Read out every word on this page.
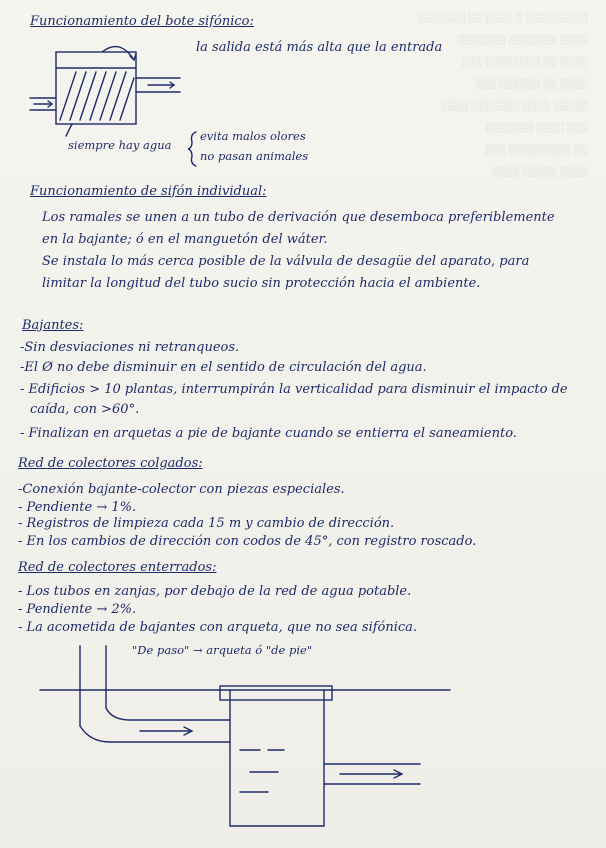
░░░░░░░ ░░ ░░░░ ░ ░░░░░░░░░
░░░░░░░ ░░░░░░░ ░░░░
░░░ ░░░░░░░░ ░░ ░░░░
░░░ ░░░░░░ ░░ ░░░░
░░░░ ░░░░░░░ ░░░░ ░░░░░
░░░░░░░ ░░░░ ░░░
░░░ ░░░░░░░░░ ░░
░░░░ ░░░░░ ░░░░
Funcionamiento del bote sifónico:
la salida está más alta que la entrada
siempre hay agua
evita malos olores
no pasan animales
Funcionamiento de sifón individual:
Los ramales se unen a un tubo de derivación que desemboca preferiblemente
en la bajante; ó en el manguetón del wáter.
Se instala lo más cerca posible de la válvula de desagüe del aparato, para
limitar la longitud del tubo sucio sin protección hacia el ambiente.
Bajantes:
-Sin desviaciones ni retranqueos.
-El Ø no debe disminuir en el sentido de circulación del agua.
- Edificios > 10 plantas, interrumpirán la verticalidad para disminuir el impacto de
caída, con >60°.
- Finalizan en arquetas a pie de bajante cuando se entierra el saneamiento.
Red de colectores colgados:
-Conexión bajante-colector con piezas especiales.
- Pendiente → 1%.
- Registros de limpieza cada 15 m y cambio de dirección.
- En los cambios de dirección con codos de 45°, con registro roscado.
Red de colectores enterrados:
- Los tubos en zanjas, por debajo de la red de agua potable.
- Pendiente → 2%.
- La acometida de bajantes con arqueta, que no sea sifónica.
"De paso" → arqueta ó "de pie"
